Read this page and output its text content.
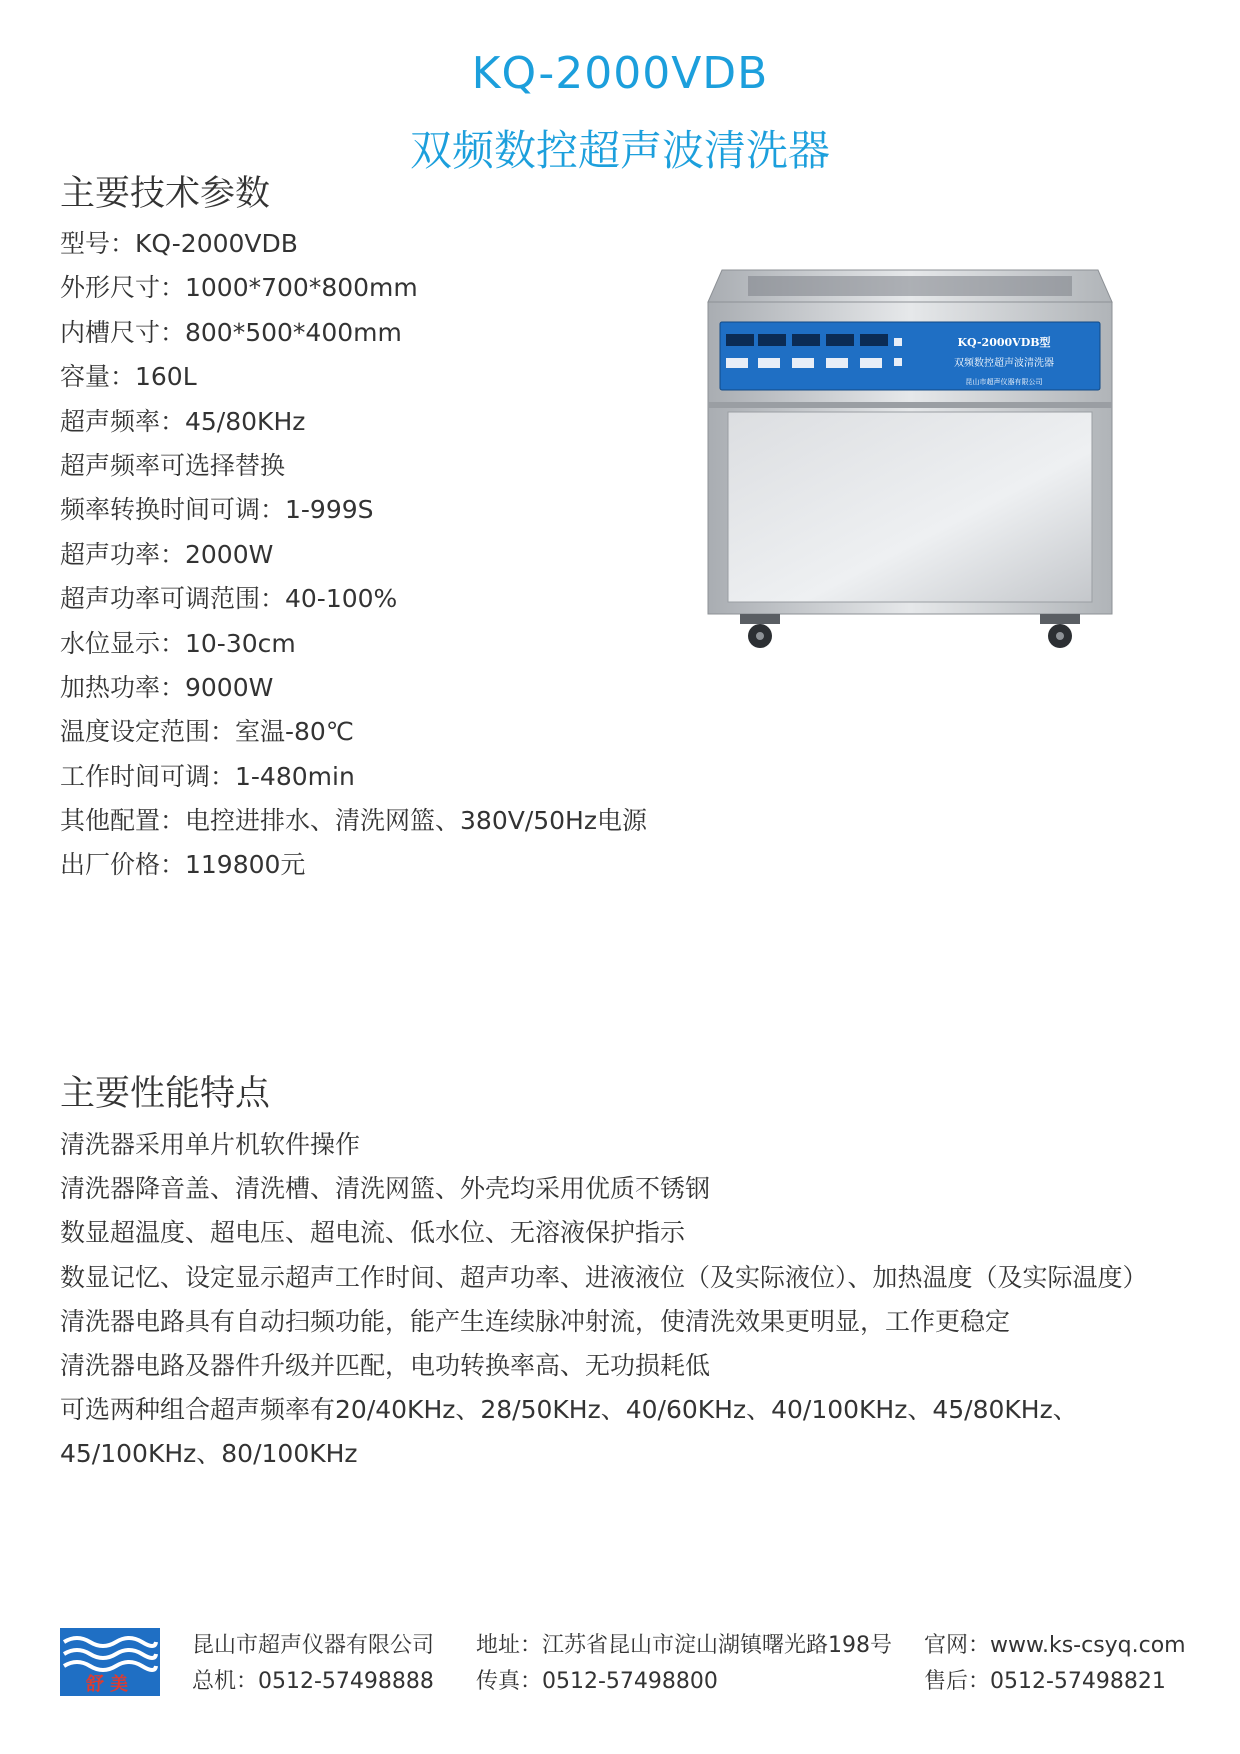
KQ-2000VDB
双频数控超声波清洗器
主要技术参数
型号：KQ-2000VDB
外形尺寸：1000*700*800mm
内槽尺寸：800*500*400mm
容量：160L
超声频率：45/80KHz
超声频率可选择替换
频率转换时间可调：1-999S
超声功率：2000W
超声功率可调范围：40-100%
水位显示：10-30cm
加热功率：9000W
温度设定范围：室温-80℃
工作时间可调：1-480min
其他配置：电控进排水、清洗网篮、380V/50Hz电源
出厂价格：119800元
KQ-2000VDB型
双频数控超声波清洗器
昆山市超声仪器有限公司
主要性能特点
清洗器采用单片机软件操作
清洗器降音盖、清洗槽、清洗网篮、外壳均采用优质不锈钢
数显超温度、超电压、超电流、低水位、无溶液保护指示
数显记忆、设定显示超声工作时间、超声功率、进液液位（及实际液位）、加热温度（及实际温度）
清洗器电路具有自动扫频功能，能产生连续脉冲射流，使清洗效果更明显，工作更稳定
清洗器电路及器件升级并匹配，电功转换率高、无功损耗低
可选两种组合超声频率有20/40KHz、28/50KHz、40/60KHz、40/100KHz、45/80KHz、
45/100KHz、80/100KHz
舒美
昆山市超声仪器有限公司
总机：0512-57498888
地址：江苏省昆山市淀山湖镇曙光路198号
传真：0512-57498800
官网：www.ks-csyq.com
售后：0512-57498821
